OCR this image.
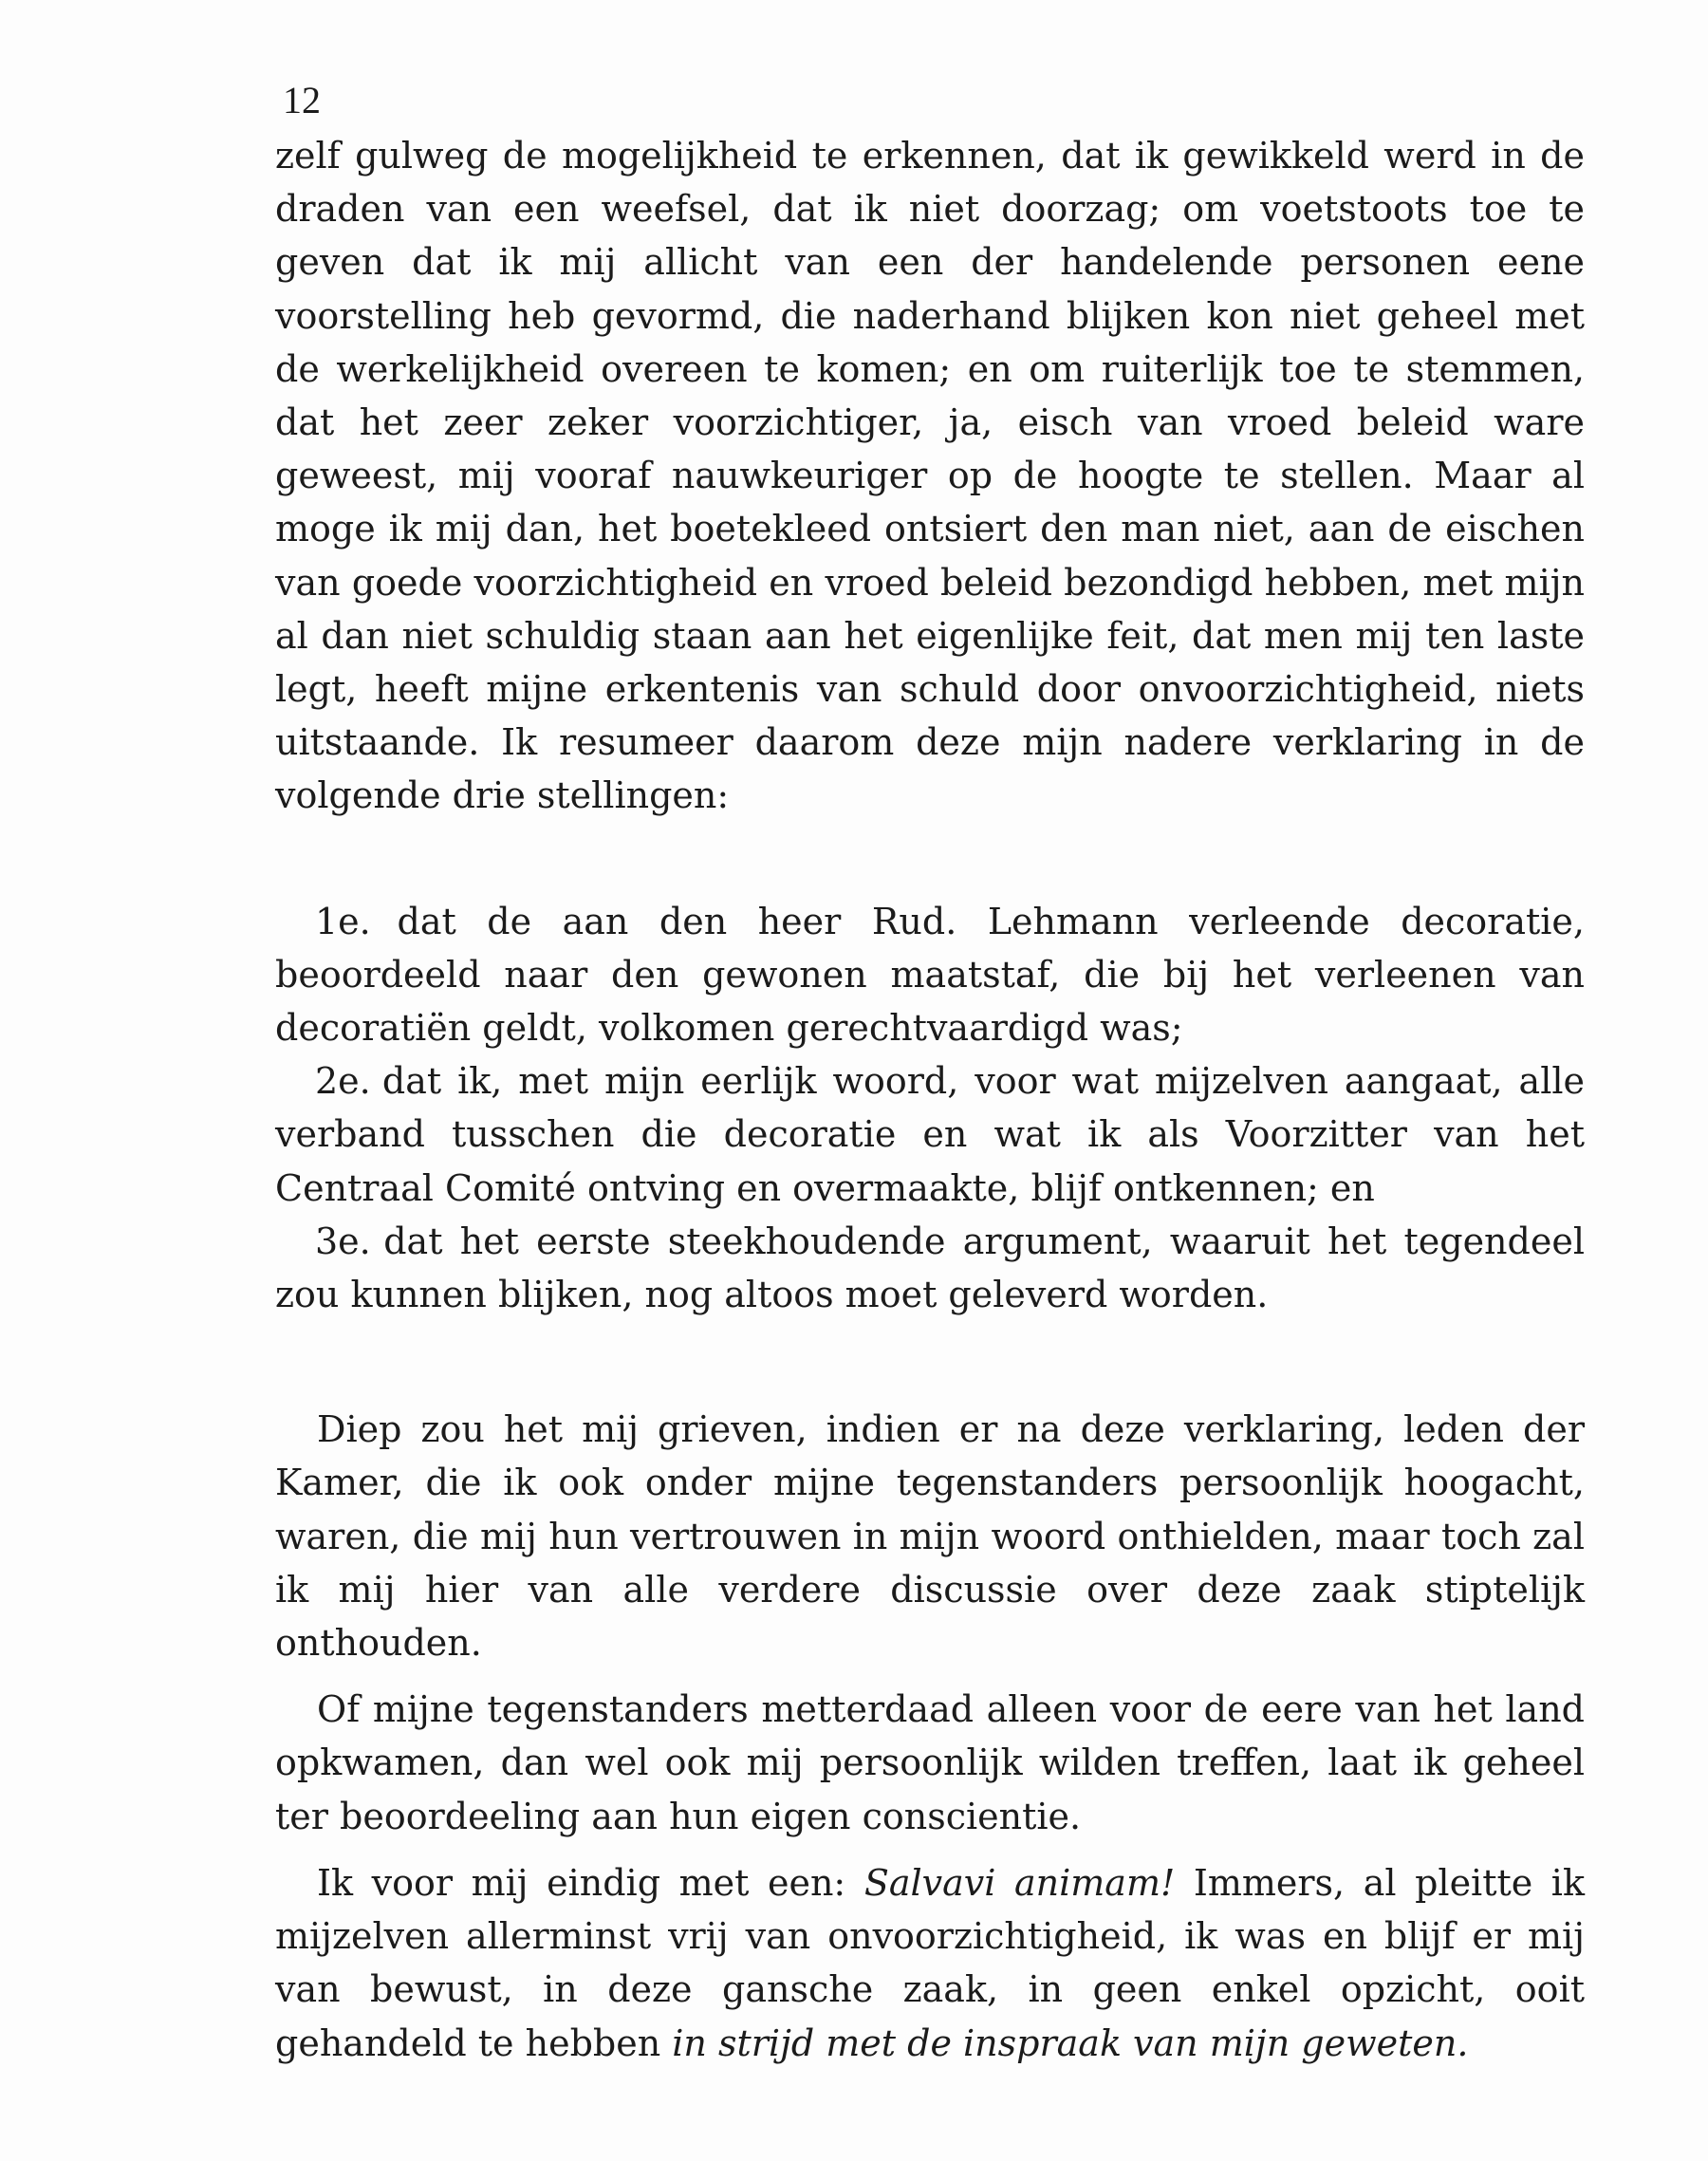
12

zelf gulweg de mogelijkheid te erkennen, dat ik gewikkeld werd in de draden van een weefsel, dat ik niet doorzag; om voetstoots toe te geven dat ik mij allicht van een der handelende personen eene voorstelling heb gevormd, die naderhand blijken kon niet geheel met de werkelijkheid overeen te komen; en om ruiterlijk toe te stemmen, dat het zeer zeker voorzichtiger, ja, eisch van vroed beleid ware geweest, mij vooraf nauwkeuriger op de hoogte te stellen. Maar al moge ik mij dan, het boetekleed ontsiert den man niet, aan de eischen van goede voorzichtigheid en vroed beleid bezondigd hebben, met mijn al dan niet schuldig staan aan het eigenlijke feit, dat men mij ten laste legt, heeft mijne erkentenis van schuld door onvoorzichtigheid, niets uitstaande. Ik resumeer daarom deze mijn nadere verklaring in de volgende drie stellingen:

1e. dat de aan den heer Rud. Lehmann verleende decoratie, beoordeeld naar den gewonen maatstaf, die bij het verleenen van decoratiën geldt, volkomen gerechtvaardigd was;

2e. dat ik, met mijn eerlijk woord, voor wat mijzelven aangaat, alle verband tusschen die decoratie en wat ik als Voorzitter van het Centraal Comité ontving en overmaakte, blijf ontkennen; en

3e. dat het eerste steekhoudende argument, waaruit het tegendeel zou kunnen blijken, nog altoos moet geleverd worden.

Diep zou het mij grieven, indien er na deze verklaring, leden der Kamer, die ik ook onder mijne tegenstanders persoonlijk hoogacht, waren, die mij hun vertrouwen in mijn woord onthielden, maar toch zal ik mij hier van alle verdere discussie over deze zaak stiptelijk onthouden.

Of mijne tegenstanders metterdaad alleen voor de eere van het land opkwamen, dan wel ook mij persoonlijk wilden treffen, laat ik geheel ter beoordeeling aan hun eigen conscientie.

Ik voor mij eindig met een: Salvavi animam! Immers, al pleitte ik mijzelven allerminst vrij van onvoorzichtigheid, ik was en blijf er mij van bewust, in deze gansche zaak, in geen enkel opzicht, ooit gehandeld te hebben in strijd met de inspraak van mijn geweten.
